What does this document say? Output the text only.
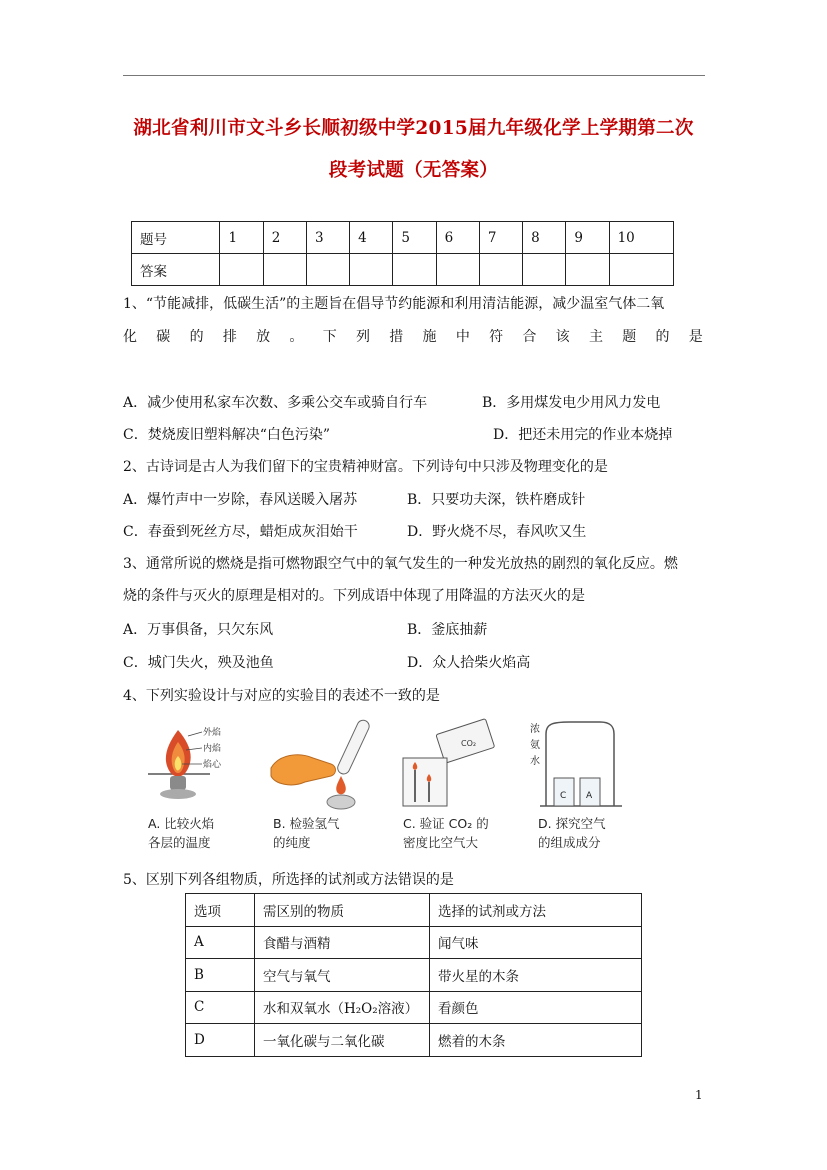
湖北省利川市文斗乡长顺初级中学2015届九年级化学上学期第二次
段考试题（无答案）
题号	1	2	3	4	5	6	7	8	9	10
答案										
1、“节能减排，低碳生活”的主题旨在倡导节约能源和利用清洁能源，减少温室气体二氧
化 碳 的 排 放 。 下 列 措 施 中 符 合 该 主 题 的 是
A．减少使用私家车次数、多乘公交车或骑自行车	B．多用煤发电少用风力发电
C．焚烧废旧塑料解决“白色污染”	D．把还未用完的作业本烧掉
2、古诗词是古人为我们留下的宝贵精神财富。下列诗句中只涉及物理变化的是
A．爆竹声中一岁除，春风送暖入屠苏	B．只要功夫深，铁杵磨成针
C．春蚕到死丝方尽，蜡炬成灰泪始干	D．野火烧不尽，春风吹又生
3、通常所说的燃烧是指可燃物跟空气中的氧气发生的一种发光放热的剧烈的氧化反应。燃
烧的条件与灭火的原理是相对的。下列成语中体现了用降温的方法灭火的是
A．万事俱备，只欠东风	B．釜底抽薪
C．城门失火，殃及池鱼	D．众人拾柴火焰高
4、下列实验设计与对应的实验目的表述不一致的是
外焰
内焰
焰心
A. 比较火焰
各层的温度
B. 检验氢气
的纯度
CO₂
C. 验证 CO₂ 的
密度比空气大
浓
氨
水
C A
D. 探究空气
的组成成分
5、区别下列各组物质，所选择的试剂或方法错误的是
选项	需区别的物质	选择的试剂或方法
A	食醋与酒精	闻气味
B	空气与氧气	带火星的木条
C	水和双氧水（H₂O₂溶液）	看颜色
D	一氧化碳与二氧化碳	燃着的木条
1
